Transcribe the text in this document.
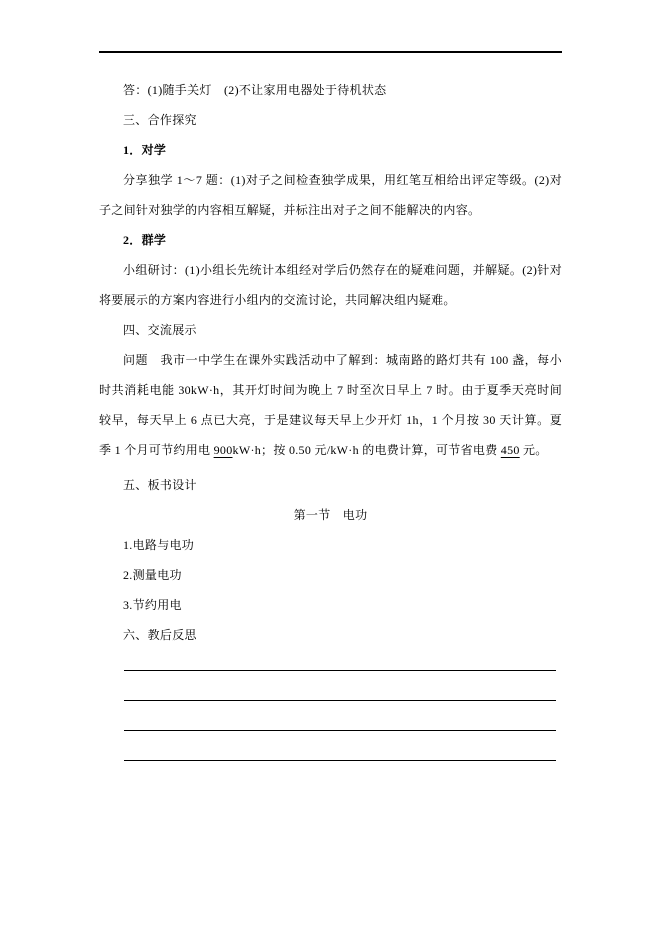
答：(1)随手关灯　(2)不让家用电器处于待机状态

三、合作探究

1．对学

分享独学 1～7 题：(1)对子之间检查独学成果，用红笔互相给出评定等级。(2)对子之间针对独学的内容相互解疑，并标注出对子之间不能解决的内容。

2．群学

小组研讨：(1)小组长先统计本组经对学后仍然存在的疑难问题，并解疑。(2)针对将要展示的方案内容进行小组内的交流讨论，共同解决组内疑难。

四、交流展示

问题　我市一中学生在课外实践活动中了解到：城南路的路灯共有 100 盏，每小时共消耗电能 30kW·h，其开灯时间为晚上 7 时至次日早上 7 时。由于夏季天亮时间较早，每天早上 6 点已大亮，于是建议每天早上少开灯 1h，1 个月按 30 天计算。夏季 1 个月可节约用电 900kW·h；按 0.50 元/kW·h 的电费计算，可节省电费 450 元。

五、板书设计

第一节　电功

1.电路与电功

2.测量电功

3.节约用电

六、教后反思
